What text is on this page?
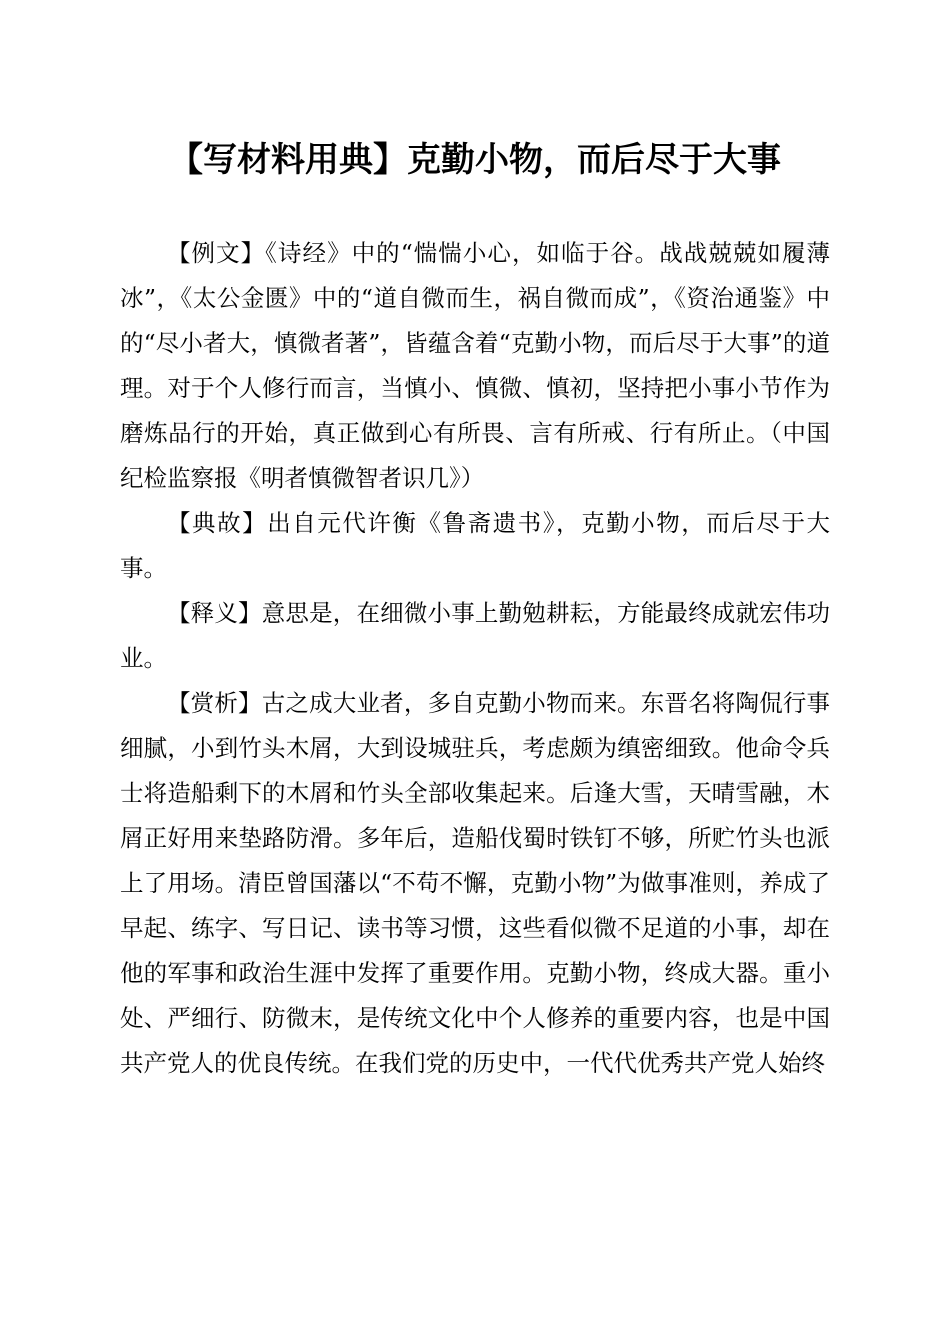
【写材料用典】克勤小物，而后尽于大事

【例文】《诗经》中的“惴惴小心，如临于谷。战战兢兢如履薄冰”，《太公金匮》中的“道自微而生，祸自微而成”，《资治通鉴》中的“尽小者大，慎微者著”，皆蕴含着“克勤小物，而后尽于大事”的道理。对于个人修行而言，当慎小、慎微、慎初，坚持把小事小节作为磨炼品行的开始，真正做到心有所畏、言有所戒、行有所止。（中国纪检监察报《明者慎微智者识几》）

【典故】出自元代许衡《鲁斋遗书》，克勤小物，而后尽于大事。

【释义】意思是，在细微小事上勤勉耕耘，方能最终成就宏伟功业。

【赏析】古之成大业者，多自克勤小物而来。东晋名将陶侃行事细腻，小到竹头木屑，大到设城驻兵，考虑颇为缜密细致。他命令兵士将造船剩下的木屑和竹头全部收集起来。后逢大雪，天晴雪融，木屑正好用来垫路防滑。多年后，造船伐蜀时铁钉不够，所贮竹头也派上了用场。清臣曾国藩以“不苟不懈，克勤小物”为做事准则，养成了早起、练字、写日记、读书等习惯，这些看似微不足道的小事，却在他的军事和政治生涯中发挥了重要作用。克勤小物，终成大器。重小处、严细行、防微末，是传统文化中个人修养的重要内容，也是中国共产党人的优良传统。在我们党的历史中，一代代优秀共产党人始终
